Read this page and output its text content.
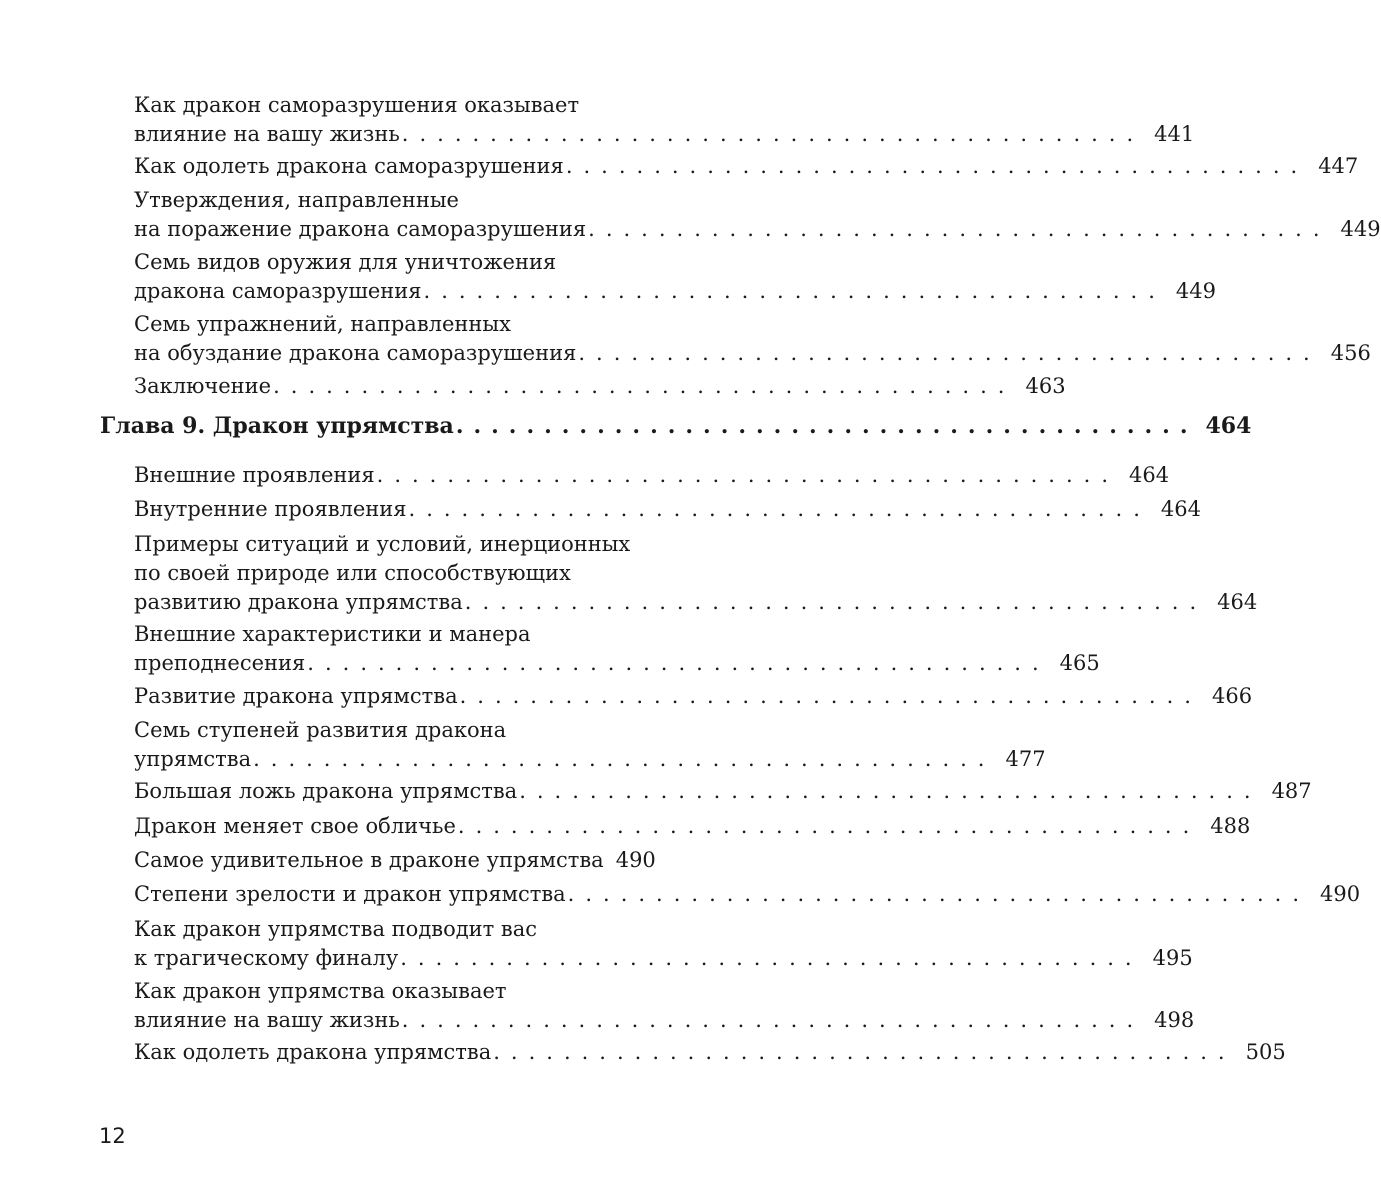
Как дракон саморазрушения оказывает
влияние на вашу жизнь .......................................... 441
Как одолеть дракона саморазрушения .......................................... 447
Утверждения, направленные
на поражение дракона саморазрушения .......................................... 449
Семь видов оружия для уничтожения
дракона саморазрушения .......................................... 449
Семь упражнений, направленных
на обуздание дракона саморазрушения .......................................... 456
Заключение .......................................... 463
Глава 9. Дракон упрямства .......................................... 464
Внешние проявления .......................................... 464
Внутренние проявления .......................................... 464
Примеры ситуаций и условий, инерционных
по своей природе или способствующих
развитию дракона упрямства .......................................... 464
Внешние характеристики и манера
преподнесения .......................................... 465
Развитие дракона упрямства .......................................... 466
Семь ступеней развития дракона
упрямства .......................................... 477
Большая ложь дракона упрямства .......................................... 487
Дракон меняет свое обличье .......................................... 488
Самое удивительное в драконе упрямства 490
Степени зрелости и дракон упрямства .......................................... 490
Как дракон упрямства подводит вас
к трагическому финалу .......................................... 495
Как дракон упрямства оказывает
влияние на вашу жизнь .......................................... 498
Как одолеть дракона упрямства .......................................... 505
12
